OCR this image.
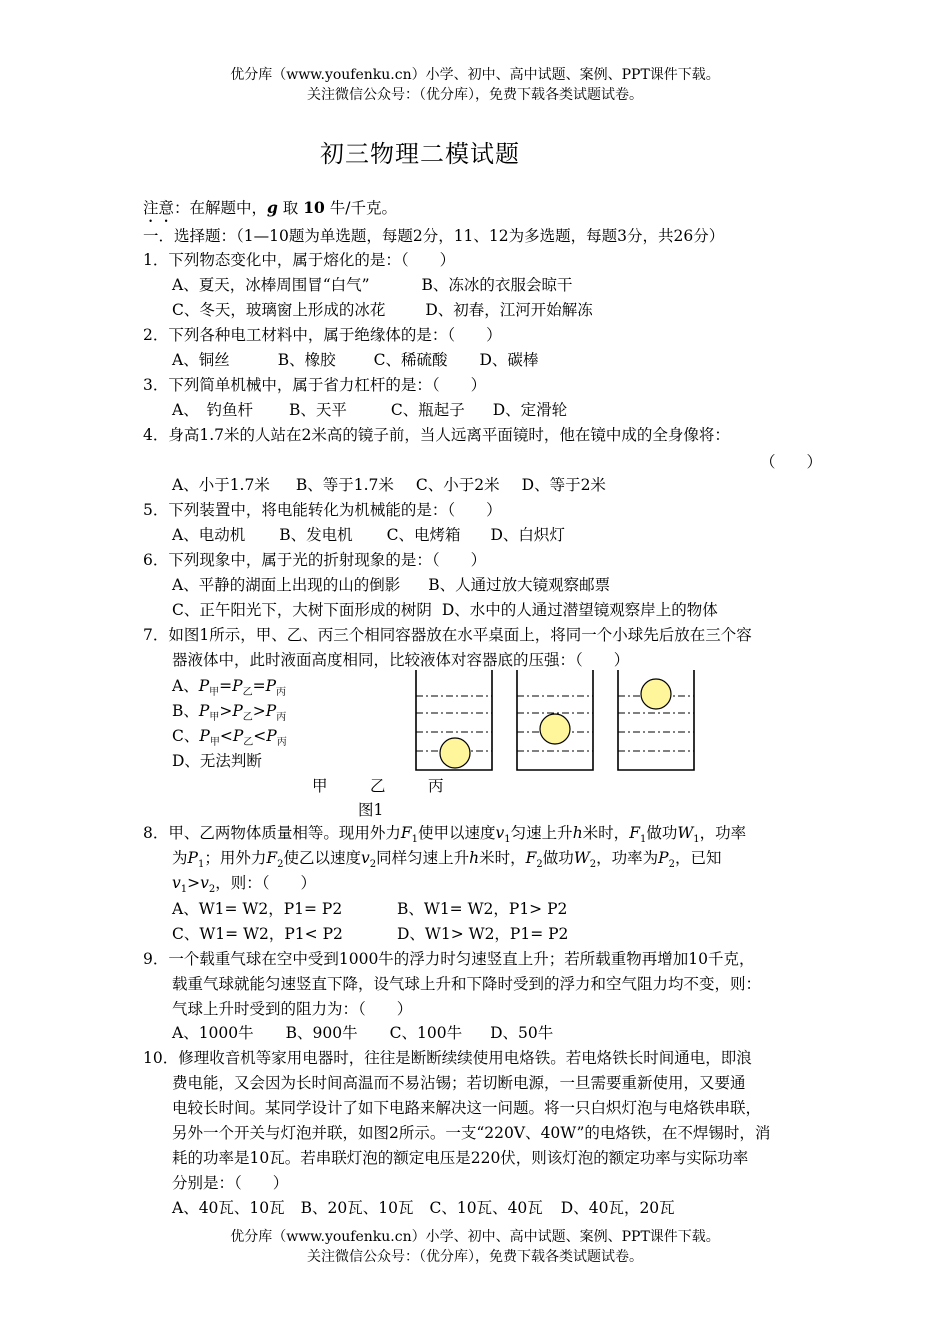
优分库（www.youfenku.cn）小学、初中、高中试题、案例、PPT课件下载。
关注微信公众号：（优分库），免费下载各类试题试卷。
初三物理二模试题
注意：在解题中，g 取 10 牛/千克。
一．选择题：（1—10题为单选题，每题2分，11、12为多选题，每题3分，共26分）
1．下列物态变化中，属于熔化的是：（　　）
A、夏天，冰棒周围冒“白气”	B、冻冰的衣服会晾干
C、冬天，玻璃窗上形成的冰花	D、初春，江河开始解冻
2．下列各种电工材料中，属于绝缘体的是：（　　）
A、铜丝	B、橡胶 C、稀硫酸 D、碳棒
3．下列简单机械中，属于省力杠杆的是：（　　）
A、　钓鱼杆 B、天平	C、瓶起子 D、定滑轮
4．身高1.7米的人站在2米高的镜子前，当人远离平面镜时，他在镜中成的全身像将：
（　　）
A、小于1.7米 B、等于1.7米 C、小于2米 D、等于2米
5．下列装置中，将电能转化为机械能的是：（　　）
A、电动机 B、发电机 C、电烤箱 D、白炽灯
6．下列现象中，属于光的折射现象的是：（　　）
A、平静的湖面上出现的山的倒影 B、人通过放大镜观察邮票
C、正午阳光下，大树下面形成的树阴 D、水中的人通过潜望镜观察岸上的物体
7．如图1所示，甲、乙、丙三个相同容器放在水平桌面上，将同一个小球先后放在三个容
器液体中，此时液面高度相同，比较液体对容器底的压强：（　　）
A、$P_甲=P_乙=P_丙$
B、$P_甲>P_乙>P_丙$
C、$P_甲<P_乙<P_丙$
D、无法判断
甲	乙	丙
图1
8．甲、乙两物体质量相等。现用外力$F_1$使甲以速度$v_1$匀速上升h米时，$F_1$做功$W_1$，功率
为$P_1$；用外力$F_2$使乙以速度$v_2$同样匀速上升h米时，$F_2$做功$W_2$，功率为$P_2$，已知
$v_1>v_2$，则：（　　）
A、W1= W2，P1= P2	B、W1= W2，P1> P2
C、W1= W2，P1< P2	D、W1> W2，P1= P2
9．一个载重气球在空中受到1000牛的浮力时匀速竖直上升；若所载重物再增加10千克，
载重气球就能匀速竖直下降，设气球上升和下降时受到的浮力和空气阻力均不变，则：
气球上升时受到的阻力为：（　　）
A、1000牛 B、900牛 C、100牛 D、50牛
10．修理收音机等家用电器时，往往是断断续续使用电烙铁。若电烙铁长时间通电，即浪
费电能，又会因为长时间高温而不易沾锡；若切断电源，一旦需要重新使用，又要通
电较长时间。某同学设计了如下电路来解决这一问题。将一只白炽灯泡与电烙铁串联，
另外一个开关与灯泡并联，如图2所示。一支“220V、40W”的电烙铁，在不焊锡时，消
耗的功率是10瓦。若串联灯泡的额定电压是220伏，则该灯泡的额定功率与实际功率
分别是：（　　）
A、40瓦、10瓦 B、20瓦、10瓦 C、10瓦、40瓦 D、40瓦，20瓦
优分库（www.youfenku.cn）小学、初中、高中试题、案例、PPT课件下载。
关注微信公众号：（优分库），免费下载各类试题试卷。
